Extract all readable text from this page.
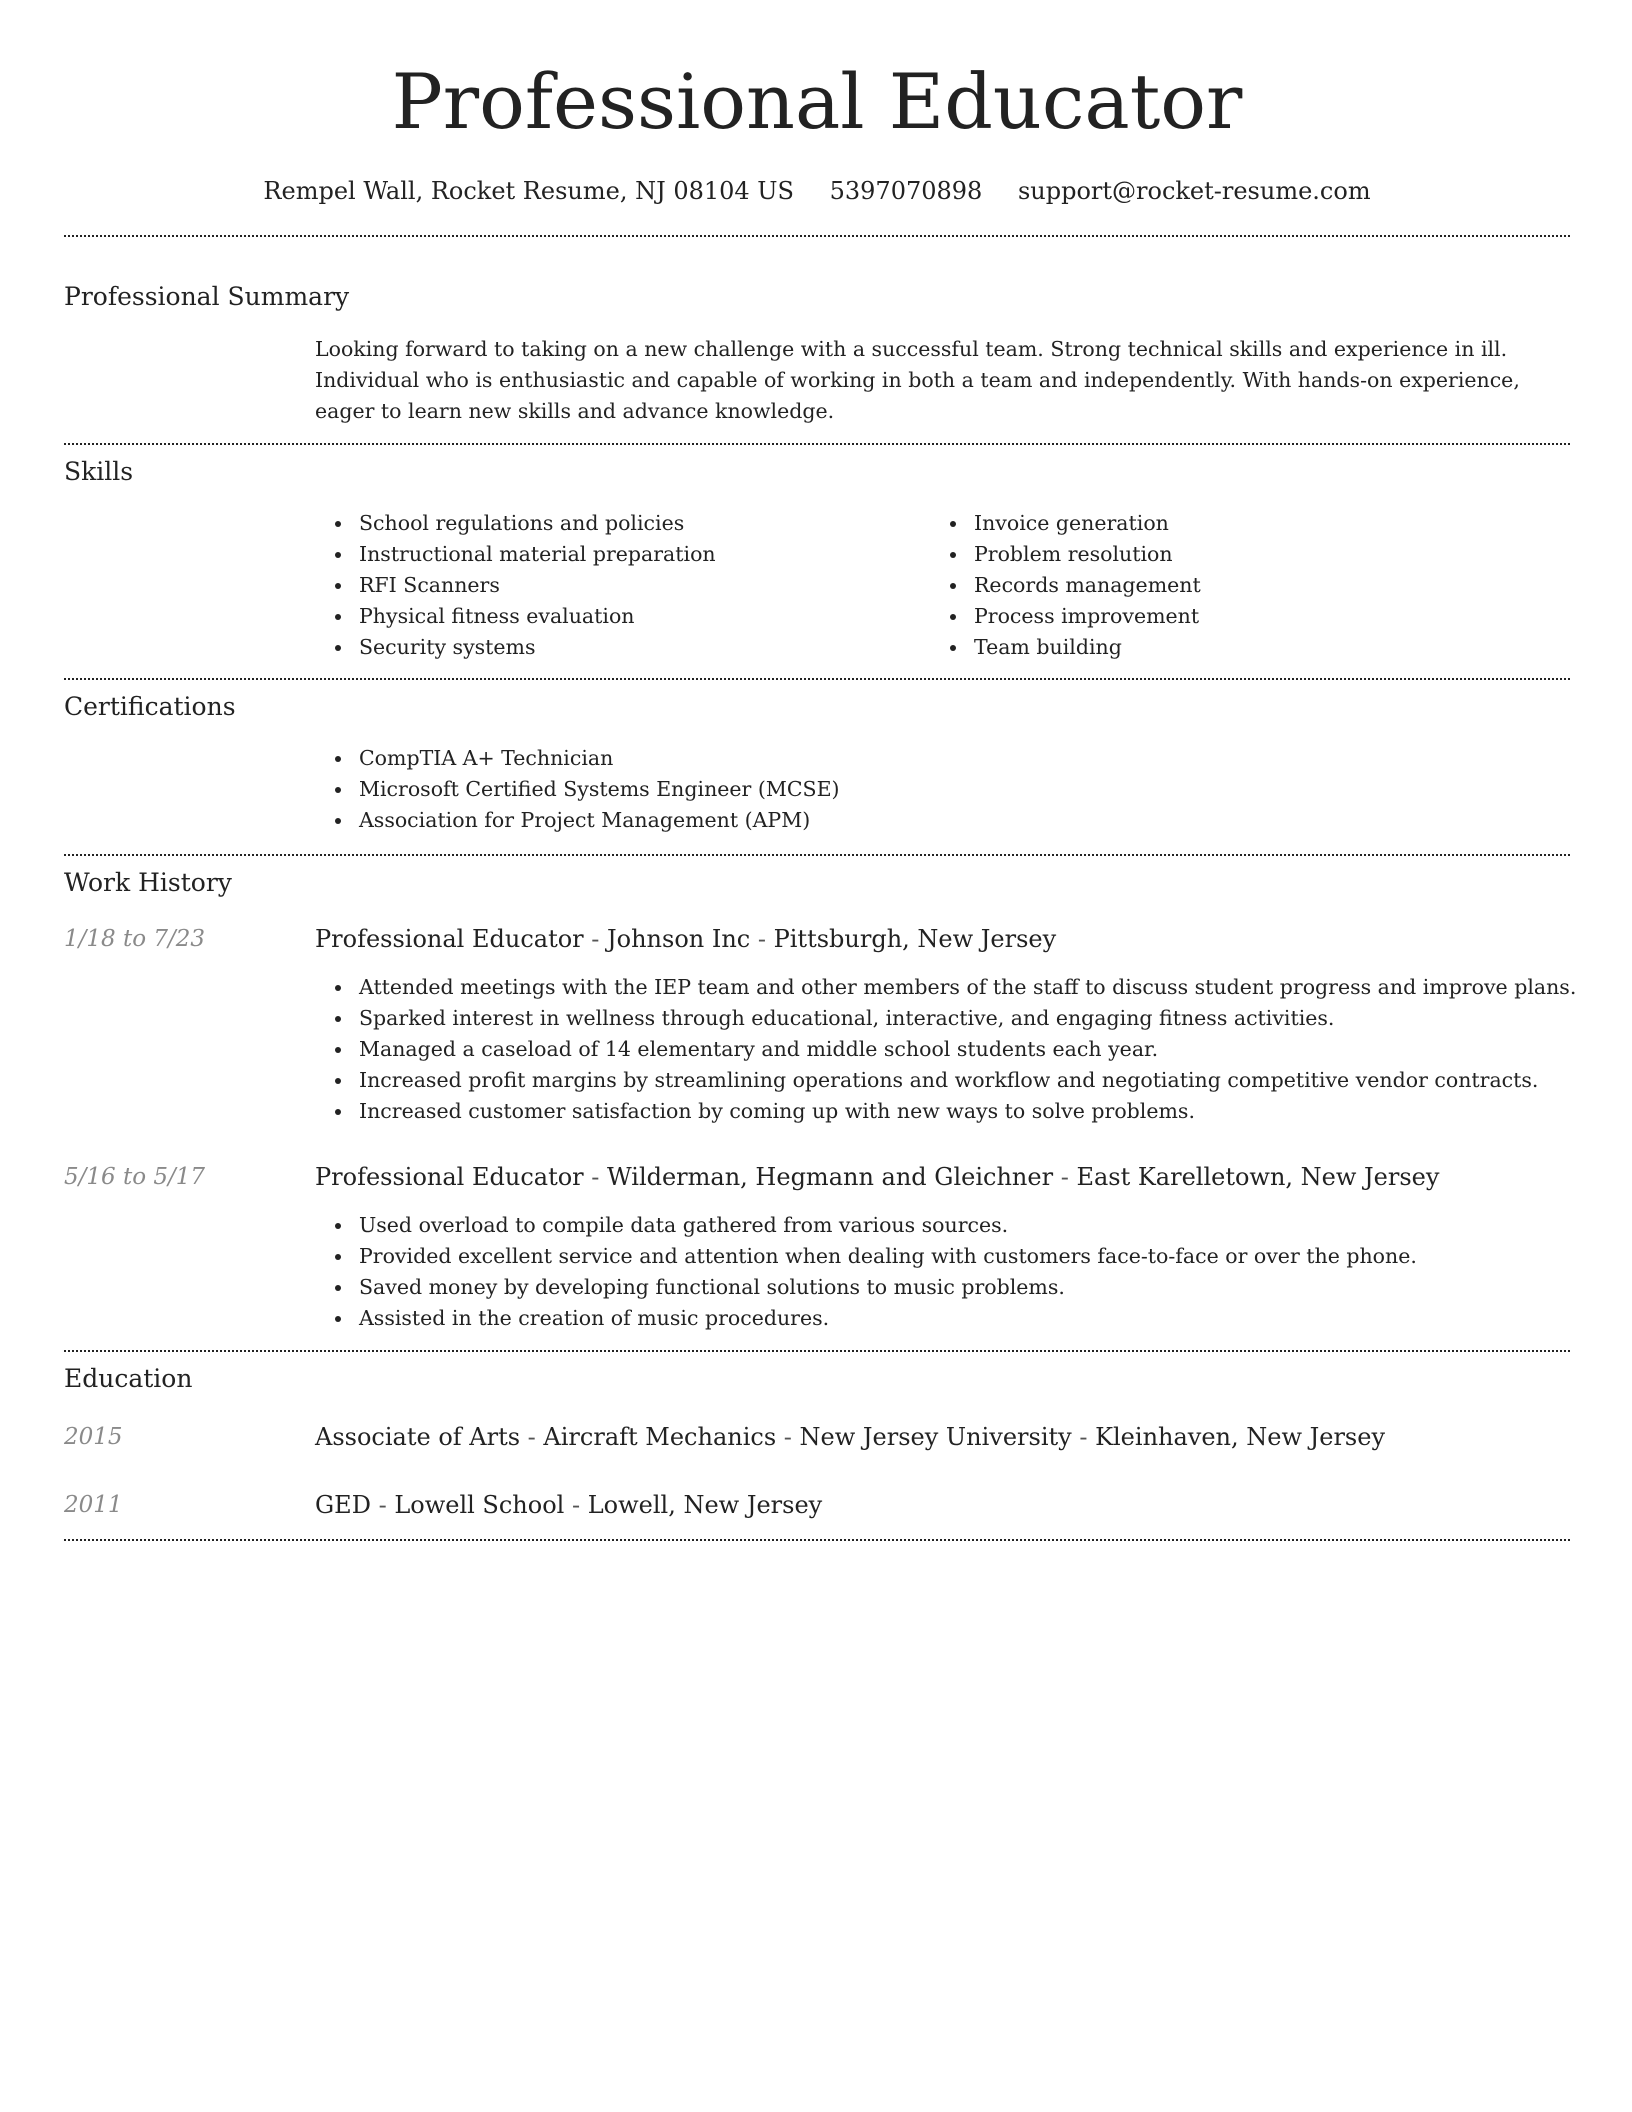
Professional Educator
Rempel Wall, Rocket Resume, NJ 08104 US 5397070898 support@rocket-resume.com
Professional Summary

Looking forward to taking on a new challenge with a successful team. Strong technical skills and experience in ill. Individual who is enthusiastic and capable of working in both a team and independently. With hands-on experience, eager to learn new skills and advance knowledge.

Skills
School regulations and policies
Instructional material preparation
RFI Scanners
Physical fitness evaluation
Security systems
Invoice generation
Problem resolution
Records management
Process improvement
Team building
Certifications
CompTIA A+ Technician
Microsoft Certified Systems Engineer (MCSE)
Association for Project Management (APM)
Work History
1/18 to 7/23	Professional Educator - Johnson Inc - Pittsburgh, New Jersey
Attended meetings with the IEP team and other members of the staff to discuss student progress and improve plans.
Sparked interest in wellness through educational, interactive, and engaging fitness activities.
Managed a caseload of 14 elementary and middle school students each year.
Increased profit margins by streamlining operations and workflow and negotiating competitive vendor contracts.
Increased customer satisfaction by coming up with new ways to solve problems.
5/16 to 5/17	Professional Educator - Wilderman, Hegmann and Gleichner - East Karelletown, New Jersey
Used overload to compile data gathered from various sources.
Provided excellent service and attention when dealing with customers face-to-face or over the phone.
Saved money by developing functional solutions to music problems.
Assisted in the creation of music procedures.
Education
2015	Associate of Arts - Aircraft Mechanics - New Jersey University - Kleinhaven, New Jersey
2011	GED - Lowell School - Lowell, New Jersey
